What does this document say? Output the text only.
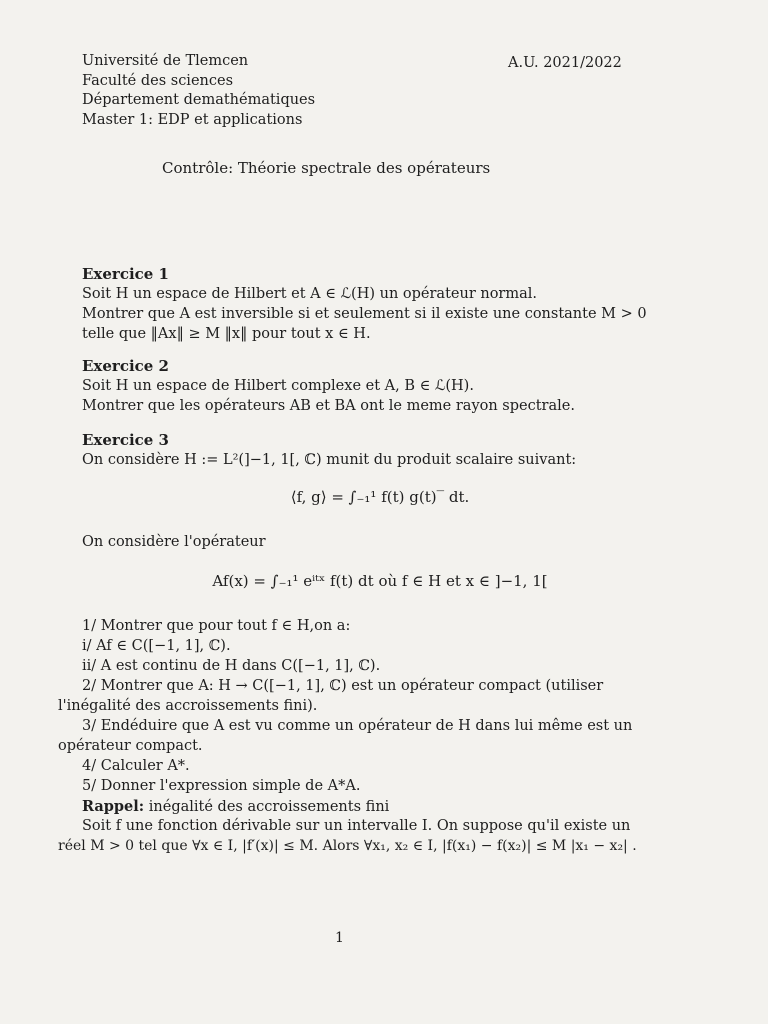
Université de Tlemcen
Faculté des sciences
Département demathématiques
Master 1: EDP et applications
A.U. 2021/2022
Contrôle: Théorie spectrale des opérateurs
Exercice 1
Soit H un espace de Hilbert et A ∈ ℒ(H) un opérateur normal.
Montrer que A est inversible si et seulement si il existe une constante M > 0
telle que ‖Ax‖ ≥ M ‖x‖ pour tout x ∈ H.
Exercice 2
Soit H un espace de Hilbert complexe et A, B ∈ ℒ(H).
Montrer que les opérateurs AB et BA ont le meme rayon spectrale.
Exercice 3
On considère H := L²(]−1, 1[, ℂ) munit du produit scalaire suivant:
⟨f, g⟩ = ∫₋₁¹ f(t) g(t)‾ dt.
On considère l'opérateur
Af(x) = ∫₋₁¹ eⁱᵗˣ f(t) dt où f ∈ H et x ∈ ]−1, 1[
1/ Montrer que pour tout f ∈ H,on a:
i/ Af ∈ C([−1, 1], ℂ).
ii/ A est continu de H dans C([−1, 1], ℂ).
2/ Montrer que A: H → C([−1, 1], ℂ) est un opérateur compact (utiliser
l'inégalité des accroissements fini).
3/ Endéduire que A est vu comme un opérateur de H dans lui même est un
opérateur compact.
4/ Calculer A*.
5/ Donner l'expression simple de A*A.
Rappel: inégalité des accroissements fini
Soit f une fonction dérivable sur un intervalle I. On suppose qu'il existe un
réel M > 0 tel que ∀x ∈ I, |f′(x)| ≤ M. Alors ∀x₁, x₂ ∈ I, |f(x₁) − f(x₂)| ≤ M |x₁ − x₂| .
1
